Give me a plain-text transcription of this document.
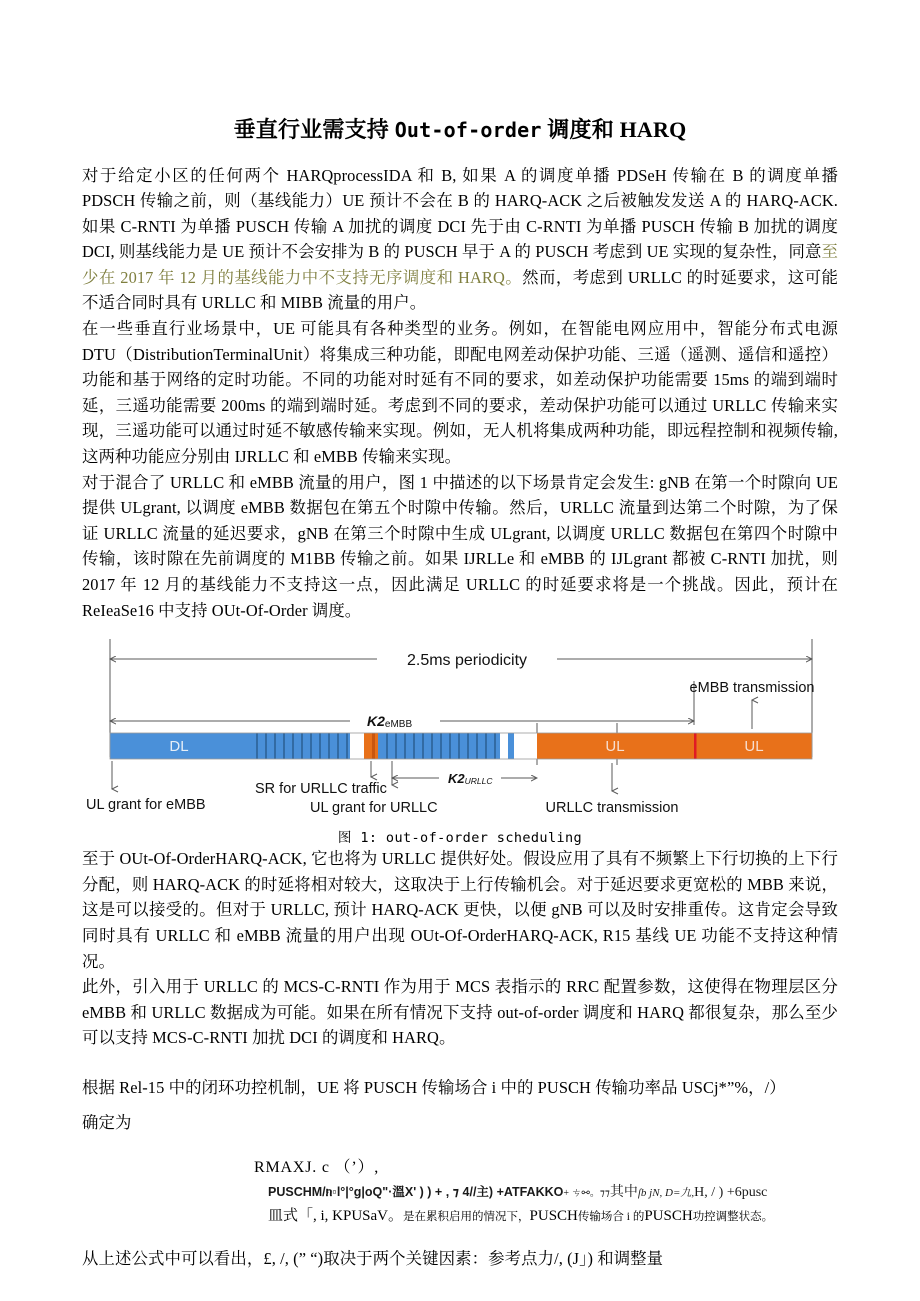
垂直行业需支持 Out-of-order 调度和 HARQ

对于给定小区的任何两个 HARQprocessIDA 和 B, 如果 A 的调度单播 PDSeH 传输在 B 的调度单播 PDSCH 传输之前，则（基线能力）UE 预计不会在 B 的 HARQ-ACK 之后被触发发送 A 的 HARQ-ACK. 如果 C-RNTI 为单播 PUSCH 传输 A 加扰的调度 DCI 先于由 C-RNTI 为单播 PUSCH 传输 B 加扰的调度 DCI, 则基线能力是 UE 预计不会安排为 B 的 PUSCH 早于 A 的 PUSCH 考虑到 UE 实现的复杂性，同意至少在 2017 年 12 月的基线能力中不支持无序调度和 HARQ。然而，考虑到 URLLC 的时延要求，这可能不适合同时具有 URLLC 和 MIBB 流量的用户。

在一些垂直行业场景中，UE 可能具有各种类型的业务。例如，在智能电网应用中，智能分布式电源 DTU（DistributionTerminalUnit）将集成三种功能，即配电网差动保护功能、三遥（遥测、遥信和遥控）功能和基于网络的定时功能。不同的功能对时延有不同的要求，如差动保护功能需要 15ms 的端到端时延，三遥功能需要 200ms 的端到端时延。考虑到不同的要求，差动保护功能可以通过 URLLC 传输来实现，三遥功能可以通过时延不敏感传输来实现。例如，无人机将集成两种功能，即远程控制和视频传输, 这两种功能应分别由 IJRLLC 和 eMBB 传输来实现。

对于混合了 URLLC 和 eMBB 流量的用户，图 1 中描述的以下场景肯定会发生: gNB 在第一个时隙向 UE 提供 ULgrant, 以调度 eMBB 数据包在第五个时隙中传输。然后，URLLC 流量到达第二个时隙，为了保证 URLLC 流量的延迟要求，gNB 在第三个时隙中生成 ULgrant, 以调度 URLLC 数据包在第四个时隙中传输，该时隙在先前调度的 M1BB 传输之前。如果 IJRLLe 和 eMBB 的 IJLgrant 都被 C-RNTI 加扰，则 2017 年 12 月的基线能力不支持这一点，因此满足 URLLC 的时延要求将是一个挑战。因此，预计在 ReIeaSe16 中支持 OUt-Of-Order 调度。

2.5ms periodicity
K2eMBB
eMBB transmission
DL	UL	UL
UL grant for eMBB
SR for URLLC traffic
UL grant for URLLC
K2URLLC
URLLC transmission

图 1: out-of-order scheduling

至于 OUt-Of-OrderHARQ-ACK, 它也将为 URLLC 提供好处。假设应用了具有不频繁上下行切换的上下行分配，则 HARQ-ACK 的时延将相对较大，这取决于上行传输机会。对于延迟要求更宽松的 MBB 来说，这是可以接受的。但对于 URLLC, 预计 HARQ-ACK 更快，以便 gNB 可以及时安排重传。这肯定会导致同时具有 URLLC 和 eMBB 流量的用户出现 OUt-Of-OrderHARQ-ACK, R15 基线 UE 功能不支持这种情况。

此外，引入用于 URLLC 的 MCS-C-RNTI 作为用于 MCS 表指示的 RRC 配置参数，这使得在物理层区分 eMBB 和 URLLC 数据成为可能。如果在所有情况下支持 out-of-order 调度和 HARQ 都很复杂，那么至少可以支持 MCS-C-RNTI 加扰 DCI 的调度和 HARQ。

根据 Rel-15 中的闭环功控机制，UE 将 PUSCH 传输场合 i 中的 PUSCH 传输功率品 USCj*”%，/）

确定为

RMAXJ. c （’）,
PUSCHM/ክ▫l°|°g|oQ"·溫X' ) ) + , ⁊ 4//主) +ATFAKKO+ ㄘ⚯。⁊⁊其中ſb jN, D=九,H, / ) +6pusc
皿式「, i, KPUSaV。是在累积启用的情况下，PUSCH传输场合 i 的PUSCH功控调整状态。

从上述公式中可以看出，£, /, (” “)取决于两个关键因素：参考点力/, (J」) 和调整量
